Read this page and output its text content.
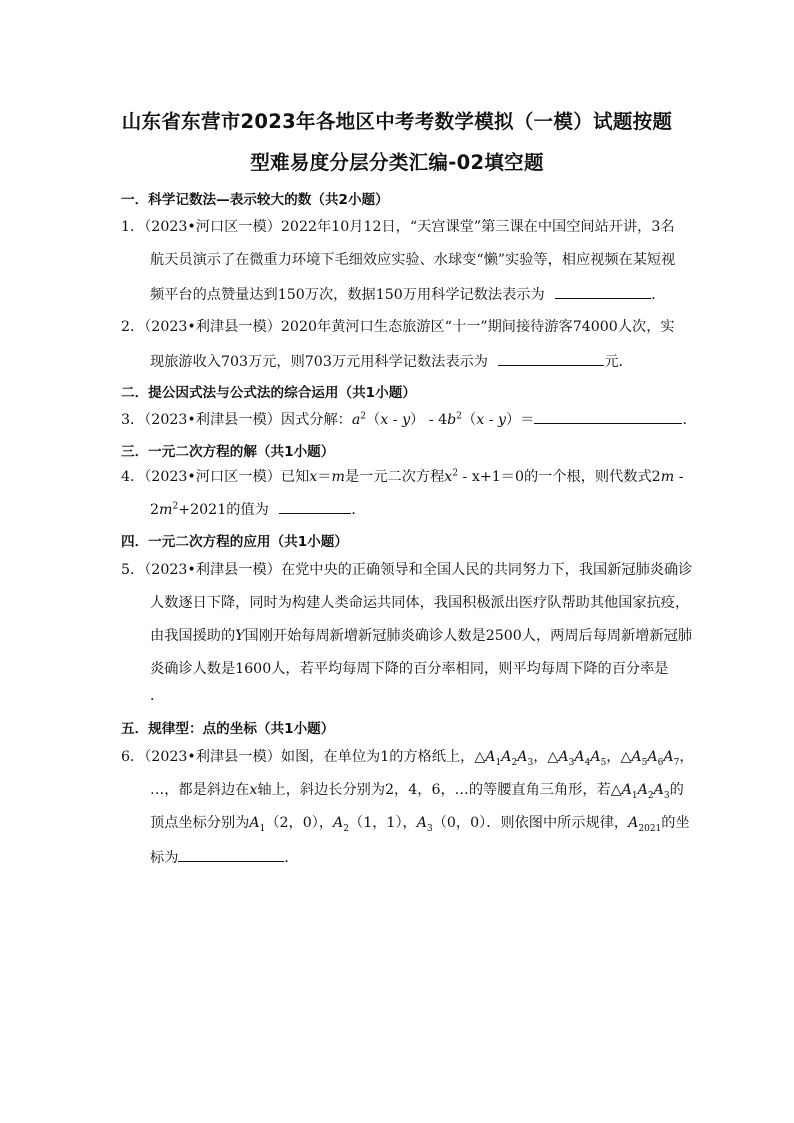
山东省东营市2023年各地区中考考数学模拟（一模）试题按题
型难易度分层分类汇编-02填空题
一．科学记数法—表示较大的数（共2小题）
1．（2023•河口区一模）2022年10月12日，“天宫课堂”第三课在中国空间站开讲，3名
航天员演示了在微重力环境下毛细效应实验、水球变“懒”实验等，相应视频在某短视
频平台的点赞量达到150万次，数据150万用科学记数法表示为	．
2．（2023•利津县一模）2020年黄河口生态旅游区“十一”期间接待游客74000人次，实
现旅游收入703万元，则703万元用科学记数法表示为	元．
二．提公因式法与公式法的综合运用（共1小题）
3．（2023•利津县一模）因式分解：$a^2(x - y) - 4b^2(x - y)=$	．
三．一元二次方程的解（共1小题）
4．（2023•河口区一模）已知x＝m是一元二次方程$x^2 - x+1=0$的一个根，则代数式2m -
$2m^2+2021$的值为	．
四．一元二次方程的应用（共1小题）
5．（2023•利津县一模）在党中央的正确领导和全国人民的共同努力下，我国新冠肺炎确诊
人数逐日下降，同时为构建人类命运共同体，我国积极派出医疗队帮助其他国家抗疫，
由我国援助的Y国刚开始每周新增新冠肺炎确诊人数是2500人，两周后每周新增新冠肺
炎确诊人数是1600人，若平均每周下降的百分率相同，则平均每周下降的百分率是
．
五．规律型：点的坐标（共1小题）
6．（2023•利津县一模）如图，在单位为1的方格纸上，$\triangle A_1A_2A_3$，$\triangle A_3A_4A_5$，$\triangle A_5A_6A_7$，
…，都是斜边在x轴上，斜边长分别为2，4，6，…的等腰直角三角形，若$\triangle A_1A_2A_3$的
顶点坐标分别为$A_1(2$，0），$A_2(1$，1），$A_3(0$，0）．则依图中所示规律，$A_{2021}$的坐
标为	．
